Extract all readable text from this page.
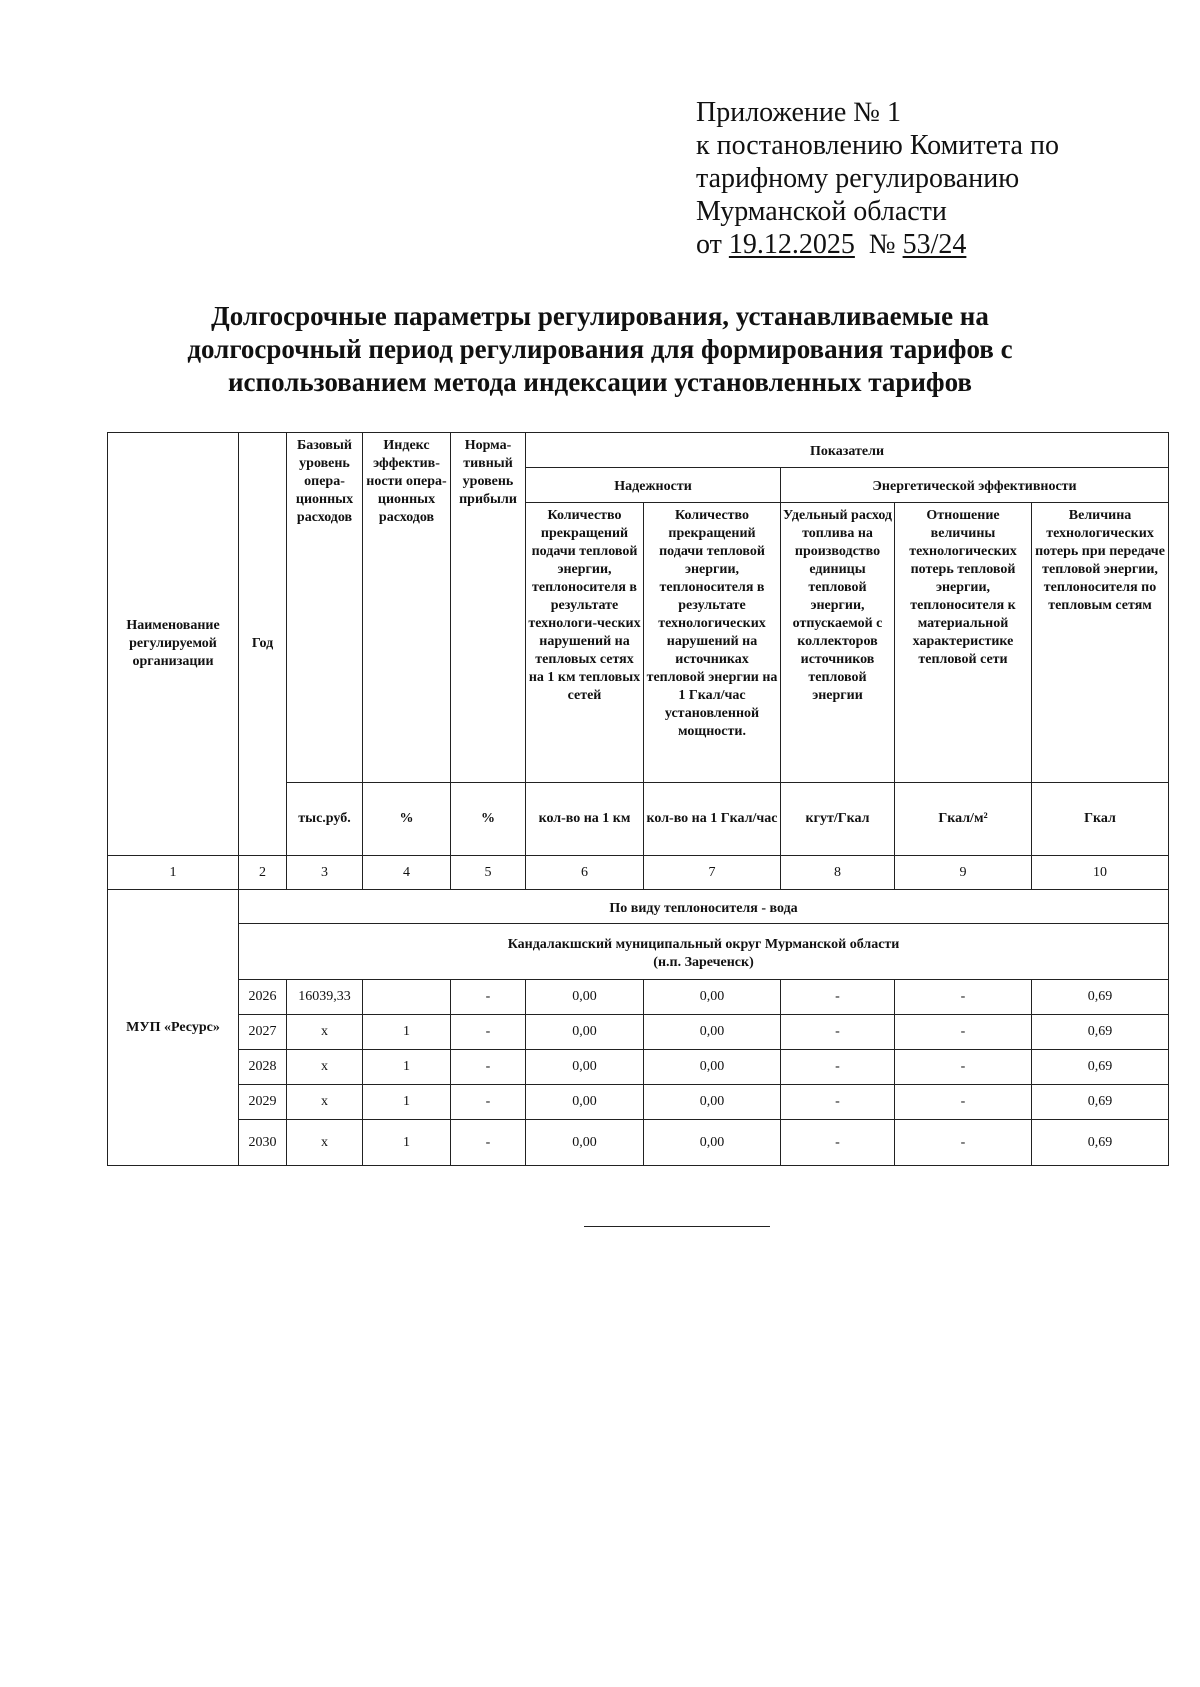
Приложение № 1
к постановлению Комитета по
тарифному регулированию
Мурманской области
от 19.12.2025 № 53/24
Долгосрочные параметры регулирования, устанавливаемые на долгосрочный период регулирования для формирования тарифов с использованием метода индексации установленных тарифов
Наименование регулируемой организации	Год	Базовый уровень опера-ционных расходов	Индекс эффектив-ности опера-ционных расходов	Норма-тивный уровень прибыли	Показатели				
					Надежности		Энергетической эффективности		
					Количество прекращений подачи тепловой энергии, теплоносителя в результате технологи-ческих нарушений на тепловых сетях на 1 км тепловых сетей	Количество прекращений подачи тепловой энергии, теплоносителя в результате технологических нарушений на источниках тепловой энергии на 1 Гкал/час установленной мощности.	Удельный расход топлива на производство единицы тепловой энергии, отпускаемой с коллекторов источников тепловой энергии	Отношение величины технологических потерь тепловой энергии, теплоносителя к материальной характеристике тепловой сети	Величина технологических потерь при передаче тепловой энергии, теплоносителя по тепловым сетям
		тыс.руб.	%	%	кол-во на 1 км	кол-во на 1 Гкал/час	кгут/Гкал	Гкал/м²	Гкал
1	2	3	4	5	6	7	8	9	10
МУП «Ресурс»	По виду теплоносителя - вода								
	Кандалакшский муниципальный округ Мурманской области
(н.п. Зареченск)								
	2026	16039,33		-	0,00	0,00	-	-	0,69
	2027	x	1	-	0,00	0,00	-	-	0,69
	2028	x	1	-	0,00	0,00	-	-	0,69
	2029	x	1	-	0,00	0,00	-	-	0,69
	2030	x	1	-	0,00	0,00	-	-	0,69
